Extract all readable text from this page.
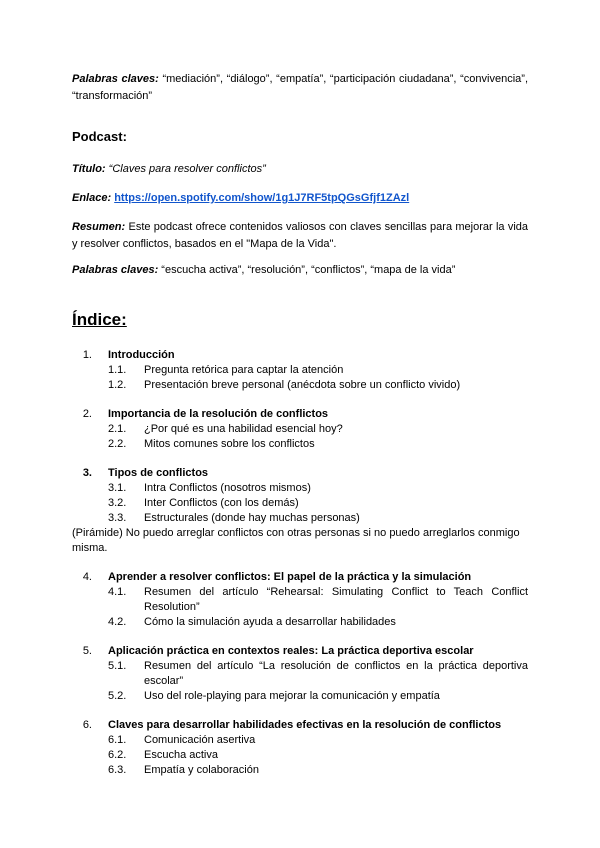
Palabras claves: “mediación”, “diálogo”, “empatía”, “participación ciudadana”, “convivencia”, “transformación”
Podcast:
Título: “Claves para resolver conflictos”
Enlace: https://open.spotify.com/show/1g1J7RF5tpQGsGfjf1ZAzl
Resumen: Este podcast ofrece contenidos valiosos con claves sencillas para mejorar la vida y resolver conflictos, basados en el "Mapa de la Vida".
Palabras claves: “escucha activa”, “resolución”, “conflictos”, “mapa de la vida”
Índice:
1. Introducción
1.1.	Pregunta retórica para captar la atención
1.2.	Presentación breve personal (anécdota sobre un conflicto vivido)
2. Importancia de la resolución de conflictos
2.1.	¿Por qué es una habilidad esencial hoy?
2.2.	Mitos comunes sobre los conflictos
3. Tipos de conflictos
3.1.	Intra Conflictos (nosotros mismos)
3.2.	Inter Conflictos (con los demás)
3.3.	Estructurales (donde hay muchas personas)
(Pirámide) No puedo arreglar conflictos con otras personas si no puedo arreglarlos conmigo misma.
4. Aprender a resolver conflictos: El papel de la práctica y la simulación
4.1.	Resumen del artículo “Rehearsal: Simulating Conflict to Teach Conflict Resolution”
4.2.	Cómo la simulación ayuda a desarrollar habilidades
5. Aplicación práctica en contextos reales: La práctica deportiva escolar
5.1.	Resumen del artículo “La resolución de conflictos en la práctica deportiva escolar”
5.2.	Uso del role-playing para mejorar la comunicación y empatía
6. Claves para desarrollar habilidades efectivas en la resolución de conflictos
6.1.	Comunicación asertiva
6.2.	Escucha activa
6.3.	Empatía y colaboración
